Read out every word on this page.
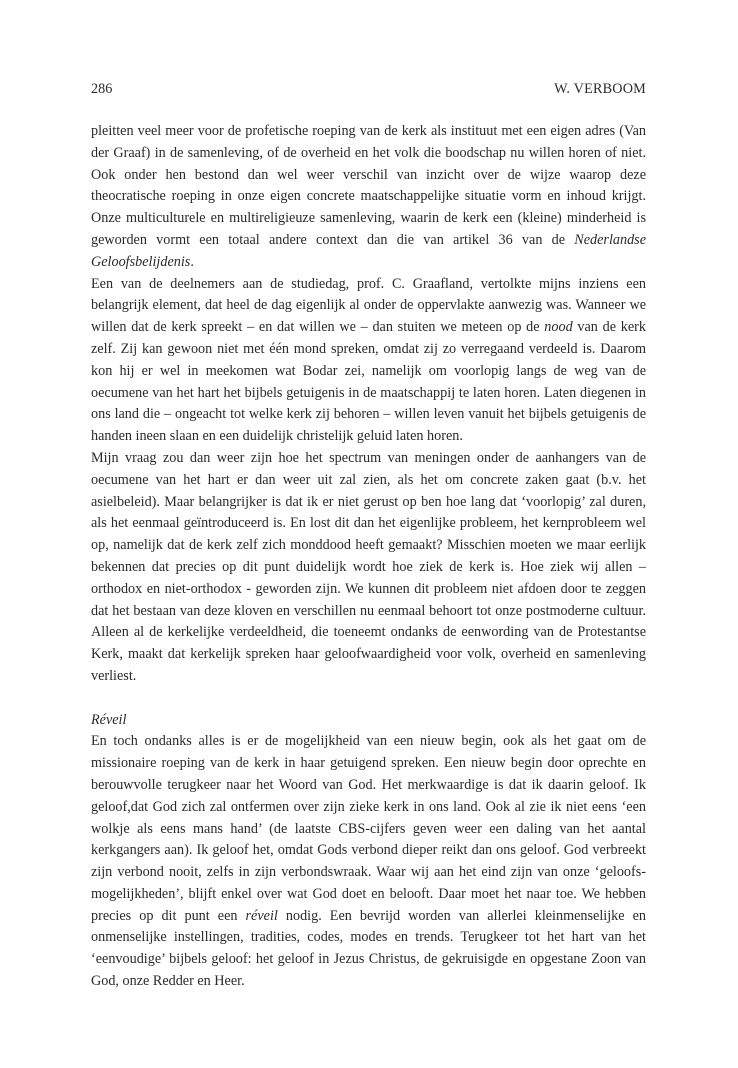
286	W. VERBOOM

pleitten veel meer voor de profetische roeping van de kerk als instituut met een eigen adres (Van der Graaf) in de samenleving, of de overheid en het volk die boodschap nu willen horen of niet. Ook onder hen bestond dan wel weer verschil van inzicht over de wijze waarop deze theocratische roeping in onze eigen concrete maatschappelijke situatie vorm en inhoud krijgt. Onze multiculturele en multireligieuze samenleving, waarin de kerk een (kleine) minderheid is geworden vormt een totaal andere context dan die van artikel 36 van de Nederlandse Geloofsbelijdenis.

Een van de deelnemers aan de studiedag, prof. C. Graafland, vertolkte mijns inziens een belangrijk element, dat heel de dag eigenlijk al onder de oppervlakte aanwezig was. Wanneer we willen dat de kerk spreekt – en dat willen we – dan stuiten we meteen op de nood van de kerk zelf. Zij kan gewoon niet met één mond spreken, omdat zij zo verregaand verdeeld is. Daarom kon hij er wel in meekomen wat Bodar zei, namelijk om voorlopig langs de weg van de oecumene van het hart het bijbels getuigenis in de maatschappij te laten horen. Laten diegenen in ons land die – ongeacht tot welke kerk zij behoren – willen leven vanuit het bijbels getuigenis de handen ineen slaan en een duidelijk christelijk geluid laten horen.

Mijn vraag zou dan weer zijn hoe het spectrum van meningen onder de aanhangers van de oecumene van het hart er dan weer uit zal zien, als het om concrete zaken gaat (b.v. het asielbeleid). Maar belangrijker is dat ik er niet gerust op ben hoe lang dat ‘voorlopig’ zal duren, als het eenmaal geïntroduceerd is. En lost dit dan het eigenlijke probleem, het kernprobleem wel op, namelijk dat de kerk zelf zich monddood heeft gemaakt? Misschien moeten we maar eerlijk bekennen dat precies op dit punt duidelijk wordt hoe ziek de kerk is. Hoe ziek wij allen – orthodox en niet-orthodox - geworden zijn. We kunnen dit probleem niet afdoen door te zeggen dat het bestaan van deze kloven en verschillen nu eenmaal behoort tot onze postmoderne cultuur. Alleen al de kerkelijke verdeeldheid, die toeneemt ondanks de eenwording van de Protestantse Kerk, maakt dat kerkelijk spreken haar geloofwaardigheid voor volk, overheid en samenleving verliest.

Réveil

En toch ondanks alles is er de mogelijkheid van een nieuw begin, ook als het gaat om de missionaire roeping van de kerk in haar getuigend spreken. Een nieuw begin door oprechte en berouwvolle terugkeer naar het Woord van God. Het merkwaardige is dat ik daarin geloof. Ik geloof,dat God zich zal ontfermen over zijn zieke kerk in ons land. Ook al zie ik niet eens ‘een wolkje als eens mans hand’ (de laatste CBS-cijfers geven weer een daling van het aantal kerkgangers aan). Ik geloof het, omdat Gods verbond dieper reikt dan ons geloof. God verbreekt zijn verbond nooit, zelfs in zijn verbondswraak. Waar wij aan het eind zijn van onze ‘geloofs-mogelijkheden’, blijft enkel over wat God doet en belooft. Daar moet het naar toe. We hebben precies op dit punt een réveil nodig. Een bevrijd worden van allerlei kleinmenselijke en onmenselijke instellingen, tradities, codes, modes en trends. Terugkeer tot het hart van het ‘eenvoudige’ bijbels geloof: het geloof in Jezus Christus, de gekruisigde en opgestane Zoon van God, onze Redder en Heer.
